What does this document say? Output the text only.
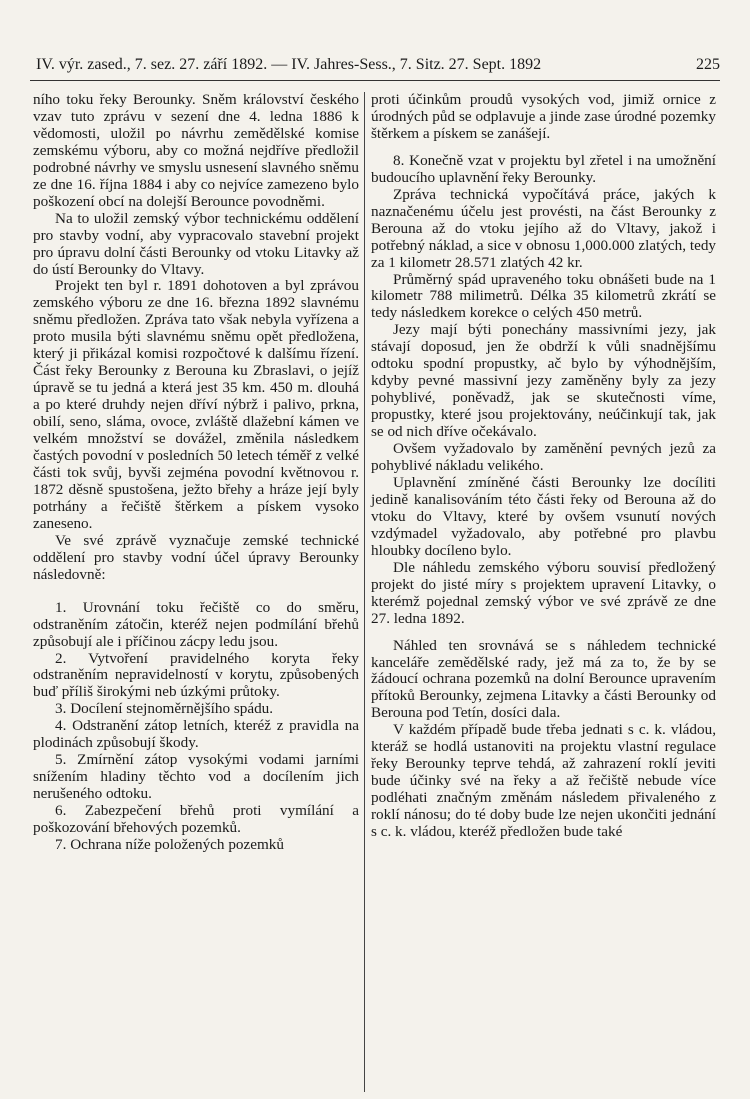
IV. výr. zased., 7. sez. 27. září 1892. — IV. Jahres-Sess., 7. Sitz. 27. Sept. 1892	225

ního toku řeky Berounky. Sněm království českého vzav tuto zprávu v sezení dne 4. ledna 1886 k vědomosti, uložil po návrhu zemědělské komise zemskému výboru, aby co možná nejdříve předložil podrobné návrhy ve smyslu usnesení slavného sněmu ze dne 16. října 1884 i aby co nejvíce zamezeno bylo poškození obcí na dolejší Berounce povodněmi.

Na to uložil zemský výbor technickému oddělení pro stavby vodní, aby vypracovalo stavební projekt pro úpravu dolní části Berounky od vtoku Litavky až do ústí Berounky do Vltavy.

Projekt ten byl r. 1891 dohotoven a byl zprávou zemského výboru ze dne 16. března 1892 slavnému sněmu předložen. Zpráva tato však nebyla vyřízena a proto musila býti slavnému sněmu opět předložena, který ji přikázal komisi rozpočtové k dalšímu řízení. Část řeky Berounky z Berouna ku Zbraslavi, o jejíž úpravě se tu jedná a která jest 35 km. 450 m. dlouhá a po které druhdy nejen dříví nýbrž i palivo, prkna, obilí, seno, sláma, ovoce, zvláště dlažební kámen ve velkém množství se dovážel, změnila následkem častých povodní v posledních 50 letech téměř z velké části tok svůj, byvši zejména povodní květnovou r. 1872 děsně spustošena, ježto břehy a hráze její byly potrhány a řečiště štěrkem a pískem vysoko zaneseno.

Ve své zprávě vyznačuje zemské technické oddělení pro stavby vodní účel úpravy Berounky následovně:

1. Urovnání toku řečiště co do směru, odstraněním zátočin, kteréž nejen podmílání břehů způsobují ale i příčinou zácpy ledu jsou.

2. Vytvoření pravidelného koryta řeky odstraněním nepravidelností v korytu, způsobených buď příliš širokými neb úzkými průtoky.

3. Docílení stejnoměrnějšího spádu.

4. Odstranění zátop letních, kteréž z pravidla na plodinách způsobují škody.

5. Zmírnění zátop vysokými vodami jarními snížením hladiny těchto vod a docílením jich nerušeného odtoku.

6. Zabezpečení břehů proti vymílání a poškozování břehových pozemků.

7. Ochrana níže položených pozemků

proti účinkům proudů vysokých vod, jimiž ornice z úrodných půd se odplavuje a jinde zase úrodné pozemky štěrkem a pískem se zanášejí.

8. Konečně vzat v projektu byl zřetel i na umožnění budoucího uplavnění řeky Berounky.

Zpráva technická vypočítává práce, jakých k naznačenému účelu jest provésti, na část Berounky z Berouna až do vtoku jejího až do Vltavy, jakož i potřebný náklad, a sice v obnosu 1,000.000 zlatých, tedy za 1 kilometr 28.571 zlatých 42 kr.

Průměrný spád upraveného toku obnášeti bude na 1 kilometr 788 milimetrů. Délka 35 kilometrů zkrátí se tedy následkem korekce o celých 450 metrů.

Jezy mají býti ponechány massivními jezy, jak stávají doposud, jen že obdrží k vůli snadnějšímu odtoku spodní propustky, ač bylo by výhodnějším, kdyby pevné massivní jezy zaměněny byly za jezy pohyblivé, poněvadž, jak se skutečnosti víme, propustky, které jsou projektovány, neúčinkují tak, jak se od nich dříve očekávalo.

Ovšem vyžadovalo by zaměnění pevných jezů za pohyblivé nákladu velikého.

Uplavnění zmíněné části Berounky lze docíliti jedině kanalisováním této části řeky od Berouna až do vtoku do Vltavy, které by ovšem vsunutí nových vzdýmadel vyžadovalo, aby potřebné pro plavbu hloubky docíleno bylo.

Dle náhledu zemského výboru souvisí předložený projekt do jisté míry s projektem upravení Litavky, o kterémž pojednal zemský výbor ve své zprávě ze dne 27. ledna 1892.

Náhled ten srovnává se s náhledem technické kanceláře zemědělské rady, jež má za to, že by se žádoucí ochrana pozemků na dolní Berounce upravením přítoků Berounky, zejmena Litavky a části Berounky od Berouna pod Tetín, dosíci dala.

V každém případě bude třeba jednati s c. k. vládou, kteráž se hodlá ustanoviti na projektu vlastní regulace řeky Berounky teprve tehdá, až zahrazení roklí jeviti bude účinky své na řeky a až řečiště nebude více podléhati značným změnám následem přivaleného z roklí nánosu; do té doby bude lze nejen ukončiti jednání s c. k. vládou, kteréž předložen bude také
